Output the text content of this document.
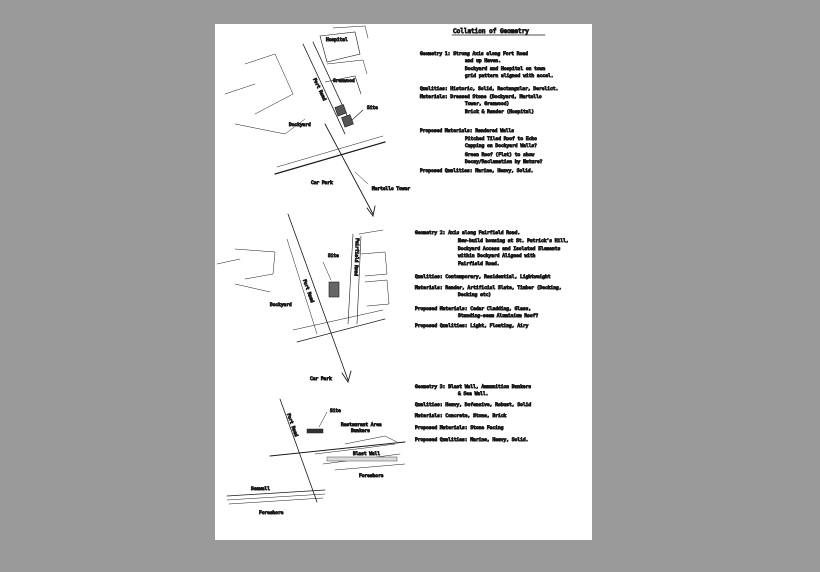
Collation of Geometry
Hospital
Fort Road Grenwood
Site
Dockyard
Car Park
Martello Tower
Fort Road
Site	Fairfield Road
Dockyard
Car Park
Fort Road
Site
Restaurant Area
Bunkers
Blast Wall
Foreshore
Seawall
Foreshore
Geometry 1: Strong Axis along Fort Road
and up Haven.
Dockyard and Hospital on town
grid pattern aligned with accel.
Qualities: Historic, Solid, Rectangular, Derelict.
Materials: Dressed Stone (Dockyard, Martello
Tower, Grenwood)
Brick & Render (Hospital)
Proposed Materials: Rendered Walls
Pitched Tiled Roof to Echo
Capping on Dockyard Walls?
Green Roof (Flat) to show
Decay/Reclamation by Nature?
Proposed Qualities: Marine, Heavy, Solid.
Geometry 2: Axis along Fairfield Road.
New-build housing at St. Patrick's Hill,
Dockyard Access and Isolated Elements
within Dockyard Aligned with
Fairfield Road.
Qualities: Contemporary, Residential, Lightweight
Materials: Render, Artificial Slate, Timber (Decking,
Decking etc)
Proposed Materials: Cedar Cladding, Glass,
Standing-seam Aluminium Roof?
Proposed Qualities: Light, Floating, Airy
Geometry 3: Blast Wall, Ammunition Bunkers
& Sea Wall.
Qualities: Heavy, Defensive, Robust, Solid
Materials: Concrete, Stone, Brick
Proposed Materials: Stone Facing
Proposed Qualities: Marine, Heavy, Solid.
